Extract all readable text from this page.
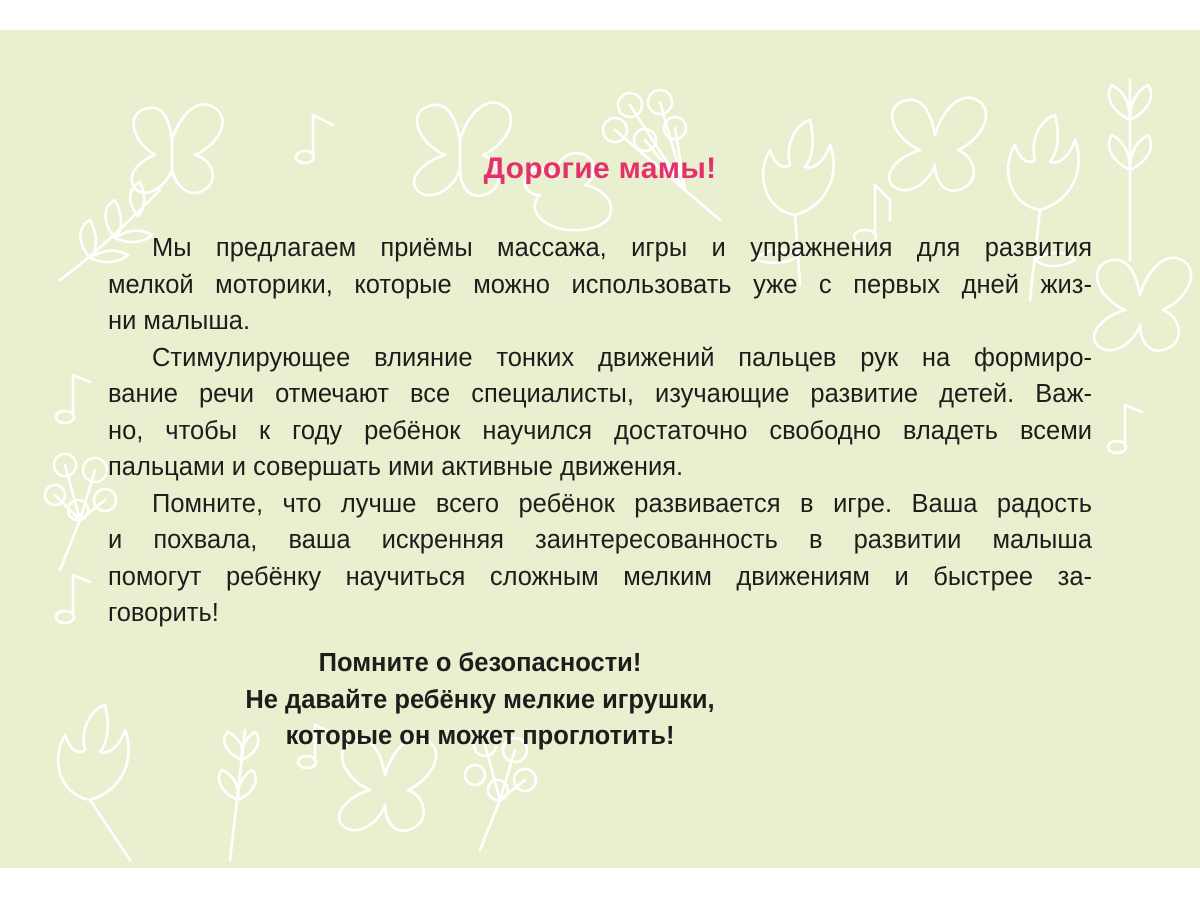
Дорогие мамы!

Мы предлагаем приёмы массажа, игры и упражнения для развития
мелкой моторики, которые можно использовать уже с первых дней жиз-
ни малыша.

Стимулирующее влияние тонких движений пальцев рук на формиро-
вание речи отмечают все специалисты, изучающие развитие детей. Важ-
но, чтобы к году ребёнок научился достаточно свободно владеть всеми
пальцами и совершать ими активные движения.

Помните, что лучше всего ребёнок развивается в игре. Ваша радость
и похвала, ваша искренняя заинтересованность в развитии малыша
помогут ребёнку научиться сложным мелким движениям и быстрее за-
говорить!

Помните о безопасности!
Не давайте ребёнку мелкие игрушки,
которые он может проглотить!
